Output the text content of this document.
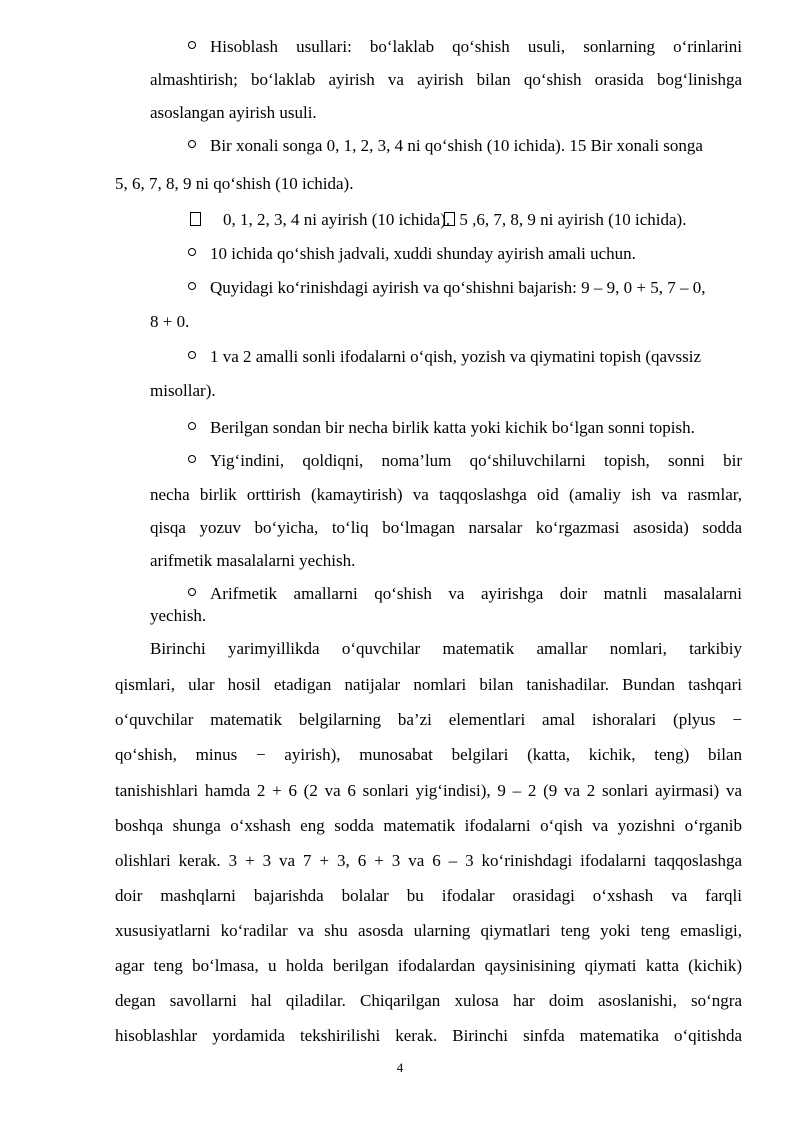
Hisoblash usullari: bo‘laklab qo‘shish usuli, sonlarning o‘rinlarini
almashtirish; bo‘laklab ayirish va ayirish bilan qo‘shish orasida bog‘linishga
asoslangan ayirish usuli.
Bir xonali songa 0, 1, 2, 3, 4 ni qo‘shish (10 ichida). 15 Bir xonali songa
5, 6, 7, 8, 9 ni qo‘shish (10 ichida).
0, 1, 2, 3, 4 ni ayirish (10 ichida). 5 ,6, 7, 8, 9 ni ayirish (10 ichida).
10 ichida qo‘shish jadvali, xuddi shunday ayirish amali uchun.
Quyidagi ko‘rinishdagi ayirish va qo‘shishni bajarish: 9 – 9, 0 + 5, 7 – 0,
8 + 0.
1 va 2 amalli sonli ifodalarni o‘qish, yozish va qiymatini topish (qavssiz
misollar).
Berilgan sondan bir necha birlik katta yoki kichik bo‘lgan sonni topish.
Yig‘indini, qoldiqni, noma’lum qo‘shiluvchilarni topish, sonni bir
necha birlik orttirish (kamaytirish) va taqqoslashga oid (amaliy ish va rasmlar,
qisqa yozuv bo‘yicha, to‘liq bo‘lmagan narsalar ko‘rgazmasi asosida) sodda
arifmetik masalalarni yechish.
Arifmetik amallarni qo‘shish va ayirishga doir matnli masalalarni
yechish.
Birinchi yarimyillikda o‘quvchilar matematik amallar nomlari, tarkibiy
qismlari, ular hosil etadigan natijalar nomlari bilan tanishadilar. Bundan tashqari
o‘quvchilar matematik belgilarning ba’zi elementlari amal ishoralari (plyus −
qo‘shish, minus − ayirish), munosabat belgilari (katta, kichik, teng) bilan
tanishishlari hamda 2 + 6 (2 va 6 sonlari yig‘indisi), 9 – 2 (9 va 2 sonlari ayirmasi) va
boshqa shunga o‘xshash eng sodda matematik ifodalarni o‘qish va yozishni o‘rganib
olishlari kerak. 3 + 3 va 7 + 3, 6 + 3 va 6 – 3 ko‘rinishdagi ifodalarni taqqoslashga
doir mashqlarni bajarishda bolalar bu ifodalar orasidagi o‘xshash va farqli
xususiyatlarni ko‘radilar va shu asosda ularning qiymatlari teng yoki teng emasligi,
agar teng bo‘lmasa, u holda berilgan ifodalardan qaysinisining qiymati katta (kichik)
degan savollarni hal qiladilar. Chiqarilgan xulosa har doim asoslanishi, so‘ngra
hisoblashlar yordamida tekshirilishi kerak. Birinchi sinfda matematika o‘qitishda
4
